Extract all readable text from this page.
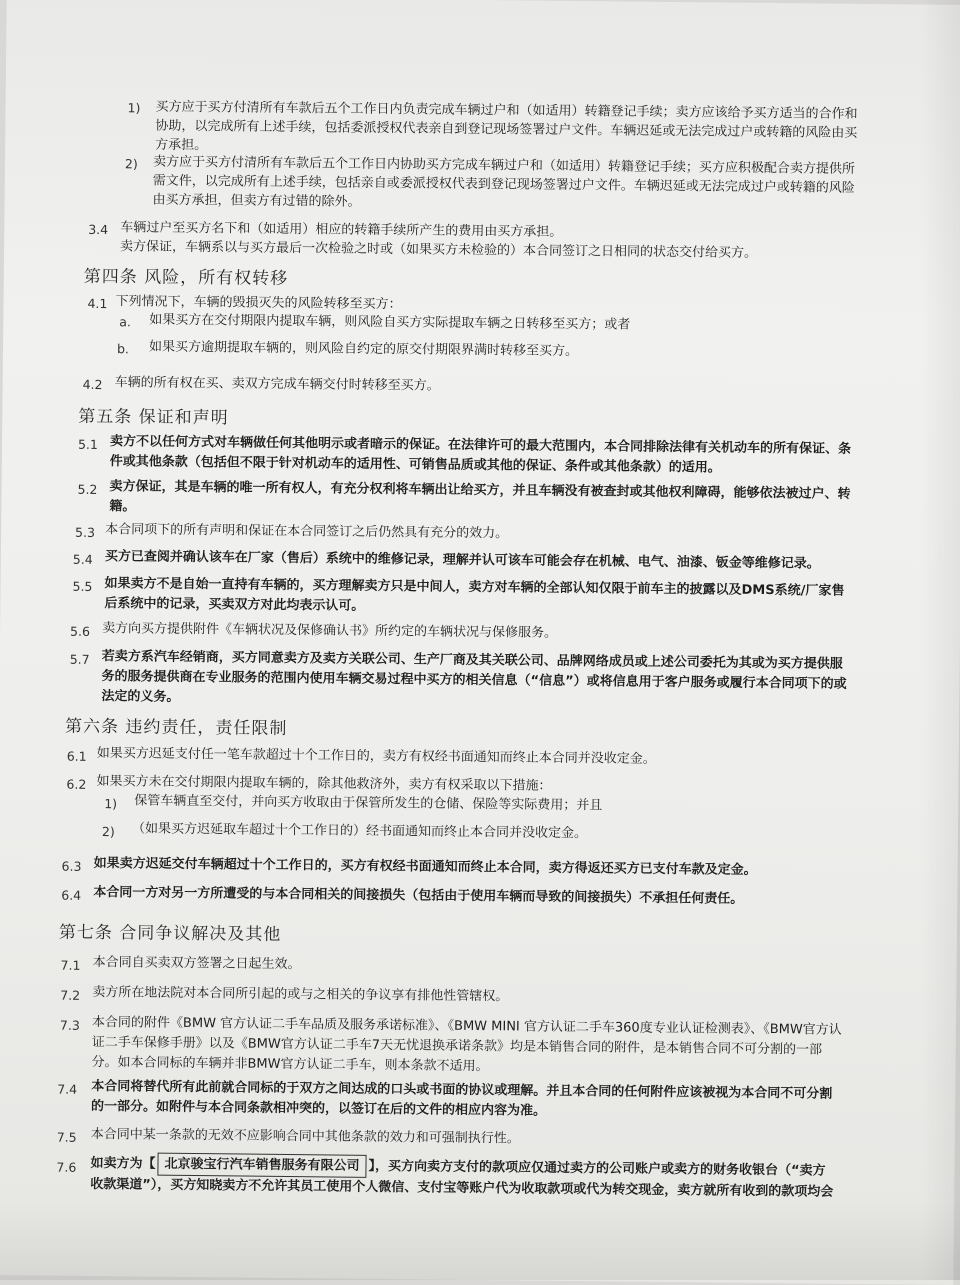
1) 买方应于买方付清所有车款后五个工作日内负责完成车辆过户和（如适用）转籍登记手续；卖方应该给予买方适当的合作和
协助，以完成所有上述手续，包括委派授权代表亲自到登记现场签署过户文件。车辆迟延或无法完成过户或转籍的风险由买
方承担。
2) 卖方应于买方付清所有车款后五个工作日内协助买方完成车辆过户和（如适用）转籍登记手续；买方应积极配合卖方提供所
需文件，以完成所有上述手续，包括亲自或委派授权代表到登记现场签署过户文件。车辆迟延或无法完成过户或转籍的风险
由买方承担，但卖方有过错的除外。
3.4 车辆过户至买方名下和（如适用）相应的转籍手续所产生的费用由买方承担。
卖方保证，车辆系以与买方最后一次检验之时或（如果买方未检验的）本合同签订之日相同的状态交付给买方。
第四条 风险，所有权转移
4.1 下列情况下，车辆的毁损灭失的风险转移至买方：
a. 如果买方在交付期限内提取车辆，则风险自买方实际提取车辆之日转移至买方；或者
b. 如果买方逾期提取车辆的，则风险自约定的原交付期限界满时转移至买方。
4.2 车辆的所有权在买、卖双方完成车辆交付时转移至买方。
第五条 保证和声明
5.1 卖方不以任何方式对车辆做任何其他明示或者暗示的保证。在法律许可的最大范围内，本合同排除法律有关机动车的所有保证、条
件或其他条款（包括但不限于针对机动车的适用性、可销售品质或其他的保证、条件或其他条款）的适用。
5.2 卖方保证，其是车辆的唯一所有权人，有充分权利将车辆出让给买方，并且车辆没有被查封或其他权利障碍，能够依法被过户、转
籍。
5.3 本合同项下的所有声明和保证在本合同签订之后仍然具有充分的效力。
5.4 买方已查阅并确认该车在厂家（售后）系统中的维修记录，理解并认可该车可能会存在机械、电气、油漆、钣金等维修记录。
5.5 如果卖方不是自始一直持有车辆的，买方理解卖方只是中间人，卖方对车辆的全部认知仅限于前车主的披露以及DMS系统/厂家售
后系统中的记录，买卖双方对此均表示认可。
5.6 卖方向买方提供附件《车辆状况及保修确认书》所约定的车辆状况与保修服务。
5.7 若卖方系汽车经销商，买方同意卖方及卖方关联公司、生产厂商及其关联公司、品牌网络成员或上述公司委托为其或为买方提供服
务的服务提供商在专业服务的范围内使用车辆交易过程中买方的相关信息（“信息”）或将信息用于客户服务或履行本合同项下的或
法定的义务。
第六条 违约责任，责任限制
6.1 如果买方迟延支付任一笔车款超过十个工作日的，卖方有权经书面通知而终止本合同并没收定金。
6.2 如果买方未在交付期限内提取车辆的，除其他救济外，卖方有权采取以下措施：
1) 保管车辆直至交付，并向买方收取由于保管所发生的仓储、保险等实际费用；并且
2) （如果买方迟延取车超过十个工作日的）经书面通知而终止本合同并没收定金。
6.3 如果卖方迟延交付车辆超过十个工作日的，买方有权经书面通知而终止本合同，卖方得返还买方已支付车款及定金。
6.4 本合同一方对另一方所遭受的与本合同相关的间接损失（包括由于使用车辆而导致的间接损失）不承担任何责任。
第七条 合同争议解决及其他
7.1 本合同自买卖双方签署之日起生效。
7.2 卖方所在地法院对本合同所引起的或与之相关的争议享有排他性管辖权。
7.3 本合同的附件《BMW 官方认证二手车品质及服务承诺标准》、《BMW MINI 官方认证二手车360度专业认证检测表》、《BMW官方认
证二手车保修手册》以及《BMW官方认证二手车7天无忧退换承诺条款》均是本销售合同的附件，是本销售合同不可分割的一部
分。如本合同标的车辆并非BMW官方认证二手车，则本条款不适用。
7.4 本合同将替代所有此前就合同标的于双方之间达成的口头或书面的协议或理解。并且本合同的任何附件应该被视为本合同不可分割
的一部分。如附件与本合同条款相冲突的，以签订在后的文件的相应内容为准。
7.5 本合同中某一条款的无效不应影响合同中其他条款的效力和可强制执行性。
7.6 如卖方为【 北京骏宝行汽车销售服务有限公司 】，买方向卖方支付的款项应仅通过卖方的公司账户或卖方的财务收银台（“卖方
收款渠道”），买方知晓卖方不允许其员工使用个人微信、支付宝等账户代为收取款项或代为转交现金，卖方就所有收到的款项均会
